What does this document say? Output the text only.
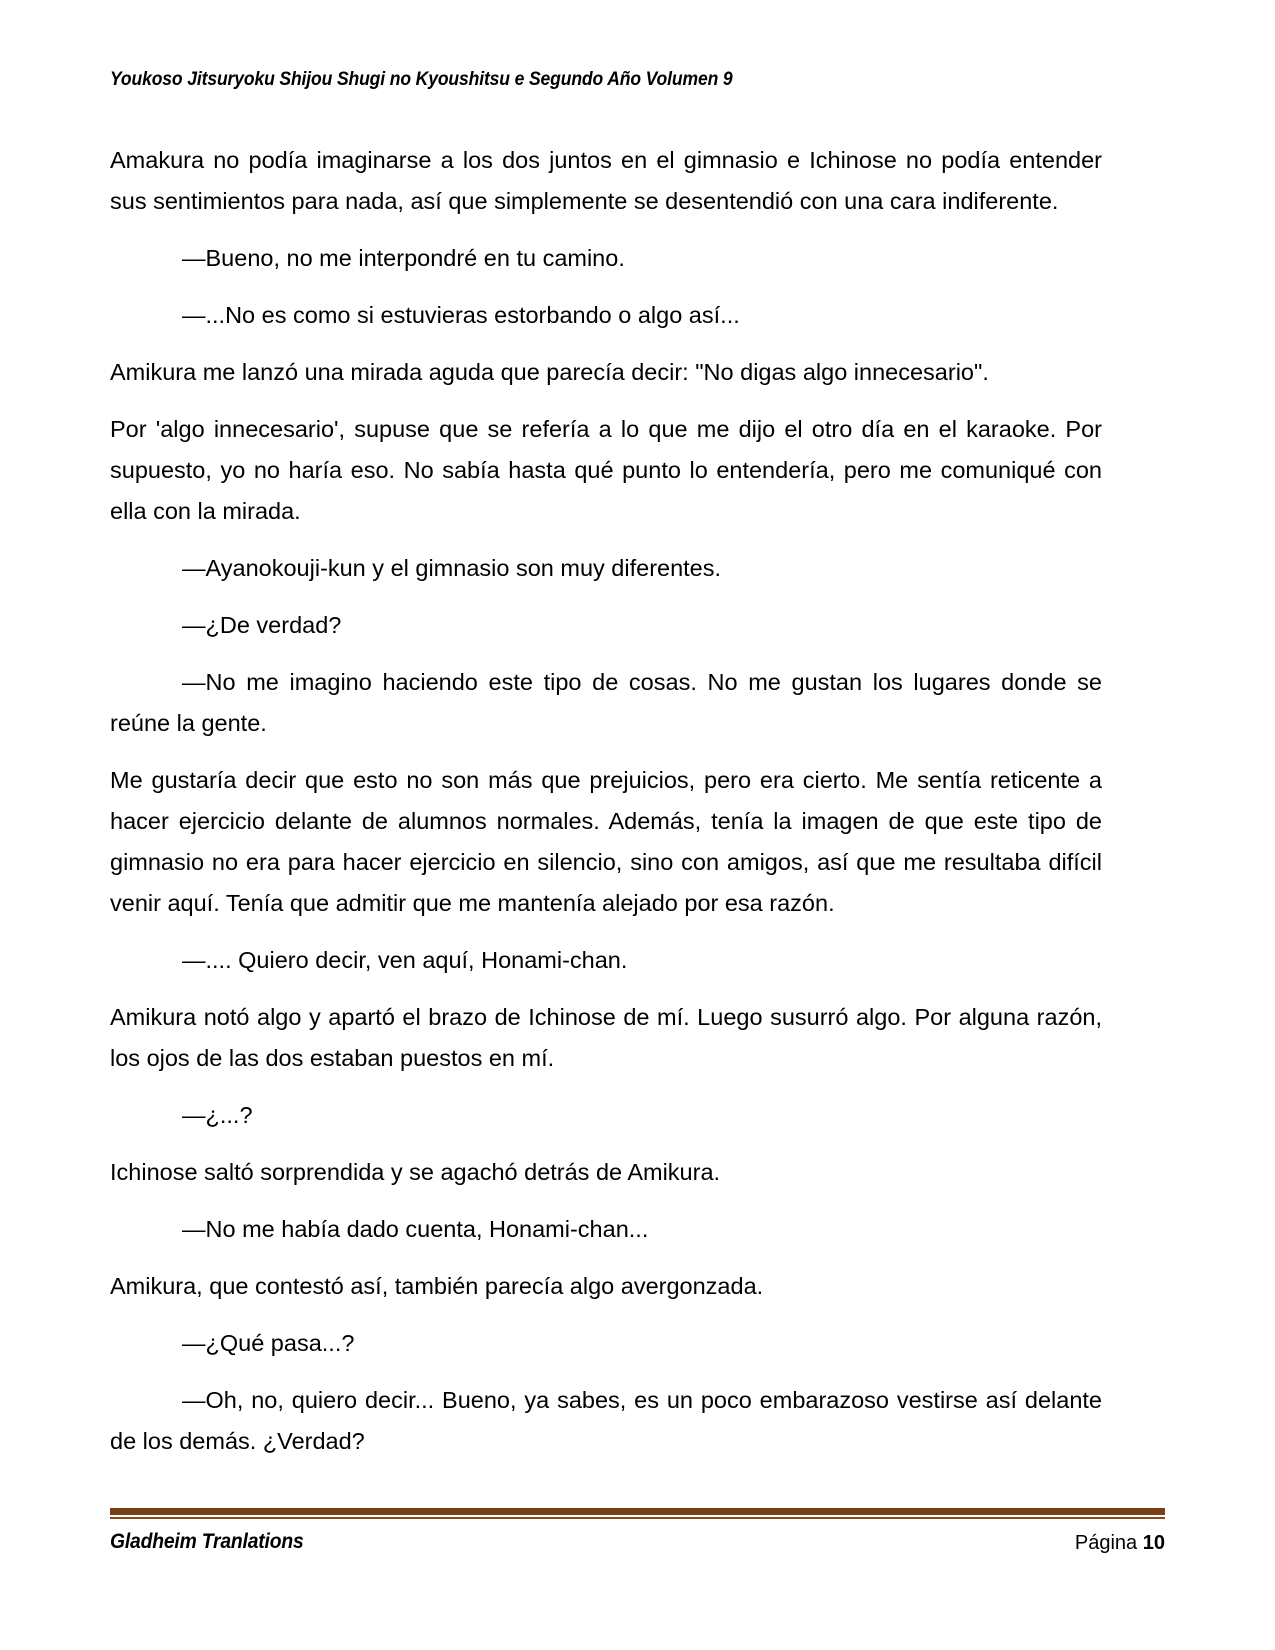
Youkoso Jitsuryoku Shijou Shugi no Kyoushitsu e Segundo Año Volumen 9

Amakura no podía imaginarse a los dos juntos en el gimnasio e Ichinose no podía entender sus sentimientos para nada, así que simplemente se desentendió con una cara indiferente.

—Bueno, no me interpondré en tu camino.

—...No es como si estuvieras estorbando o algo así...

Amikura me lanzó una mirada aguda que parecía decir: "No digas algo innecesario".

Por 'algo innecesario', supuse que se refería a lo que me dijo el otro día en el karaoke. Por supuesto, yo no haría eso. No sabía hasta qué punto lo entendería, pero me comuniqué con ella con la mirada.

—Ayanokouji-kun y el gimnasio son muy diferentes.

—¿De verdad?

—No me imagino haciendo este tipo de cosas. No me gustan los lugares donde se reúne la gente.

Me gustaría decir que esto no son más que prejuicios, pero era cierto. Me sentía reticente a hacer ejercicio delante de alumnos normales. Además, tenía la imagen de que este tipo de gimnasio no era para hacer ejercicio en silencio, sino con amigos, así que me resultaba difícil venir aquí. Tenía que admitir que me mantenía alejado por esa razón.

—.... Quiero decir, ven aquí, Honami-chan.

Amikura notó algo y apartó el brazo de Ichinose de mí. Luego susurró algo. Por alguna razón, los ojos de las dos estaban puestos en mí.

—¿...?

Ichinose saltó sorprendida y se agachó detrás de Amikura.

—No me había dado cuenta, Honami-chan...

Amikura, que contestó así, también parecía algo avergonzada.

—¿Qué pasa...?

—Oh, no, quiero decir... Bueno, ya sabes, es un poco embarazoso vestirse así delante de los demás. ¿Verdad?

Gladheim Tranlations	Página 10
